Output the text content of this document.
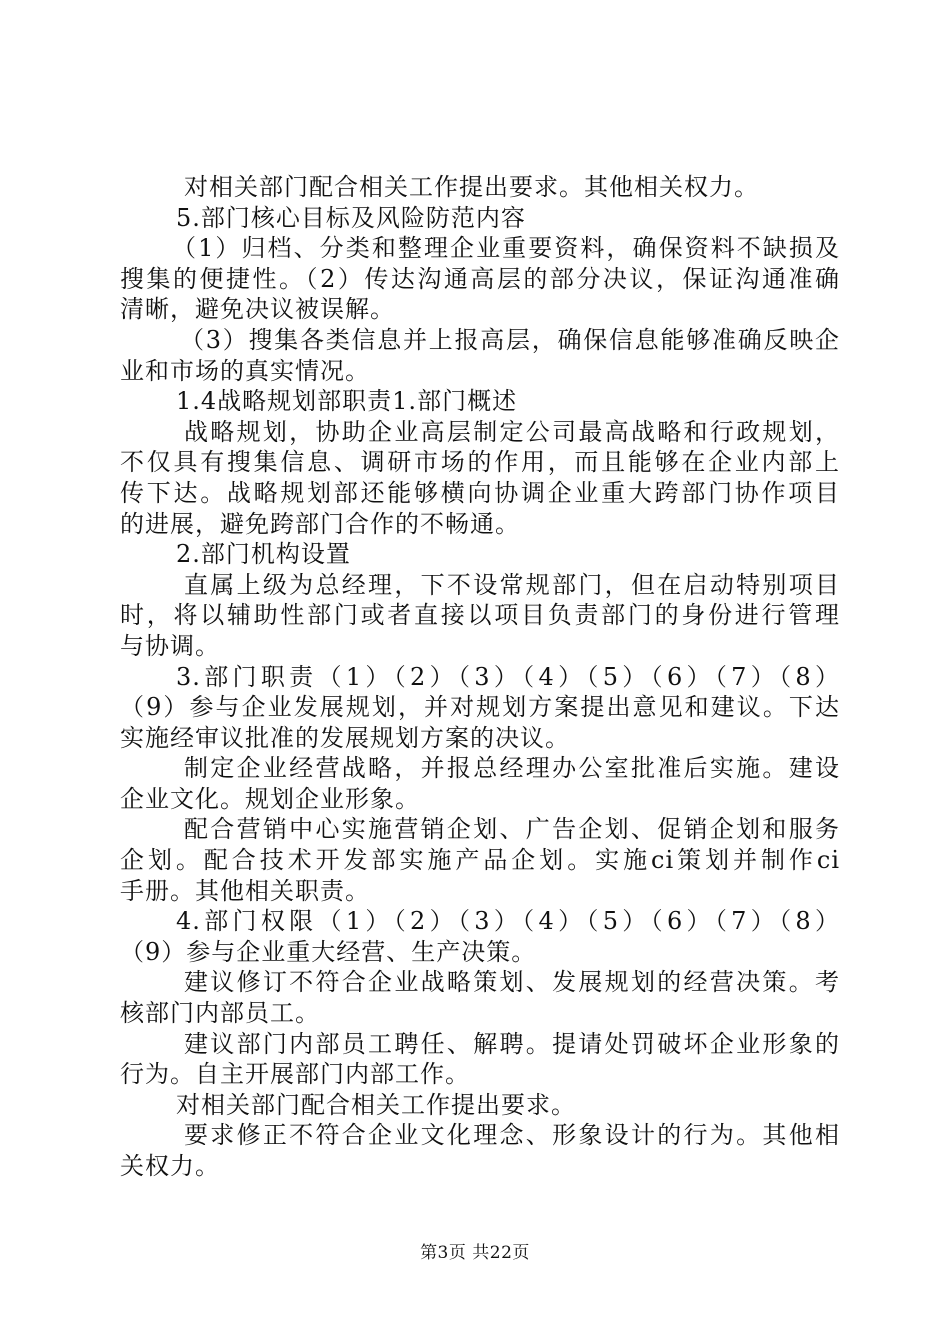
对相关部门配合相关工作提出要求。其他相关权力。
5.部门核心目标及风险防范内容
（1）归档、分类和整理企业重要资料，确保资料不缺损及
搜集的便捷性。（2）传达沟通高层的部分决议，保证沟通准确
清晰，避免决议被误解。
（3）搜集各类信息并上报高层，确保信息能够准确反映企
业和市场的真实情况。
1.4战略规划部职责1.部门概述
战略规划，协助企业高层制定公司最高战略和行政规划，
不仅具有搜集信息、调研市场的作用，而且能够在企业内部上
传下达。战略规划部还能够横向协调企业重大跨部门协作项目
的进展，避免跨部门合作的不畅通。
2.部门机构设置
直属上级为总经理，下不设常规部门，但在启动特别项目
时，将以辅助性部门或者直接以项目负责部门的身份进行管理
与协调。
3.部门职责（1）（2）（3）（4）（5）（6）（7）（8）
（9）参与企业发展规划，并对规划方案提出意见和建议。下达
实施经审议批准的发展规划方案的决议。
制定企业经营战略，并报总经理办公室批准后实施。建设
企业文化。规划企业形象。
配合营销中心实施营销企划、广告企划、促销企划和服务
企划。配合技术开发部实施产品企划。实施ci策划并制作ci
手册。其他相关职责。
4.部门权限（1）（2）（3）（4）（5）（6）（7）（8）
（9）参与企业重大经营、生产决策。
建议修订不符合企业战略策划、发展规划的经营决策。考
核部门内部员工。
建议部门内部员工聘任、解聘。提请处罚破坏企业形象的
行为。自主开展部门内部工作。
对相关部门配合相关工作提出要求。
要求修正不符合企业文化理念、形象设计的行为。其他相
关权力。
第3页 共22页
